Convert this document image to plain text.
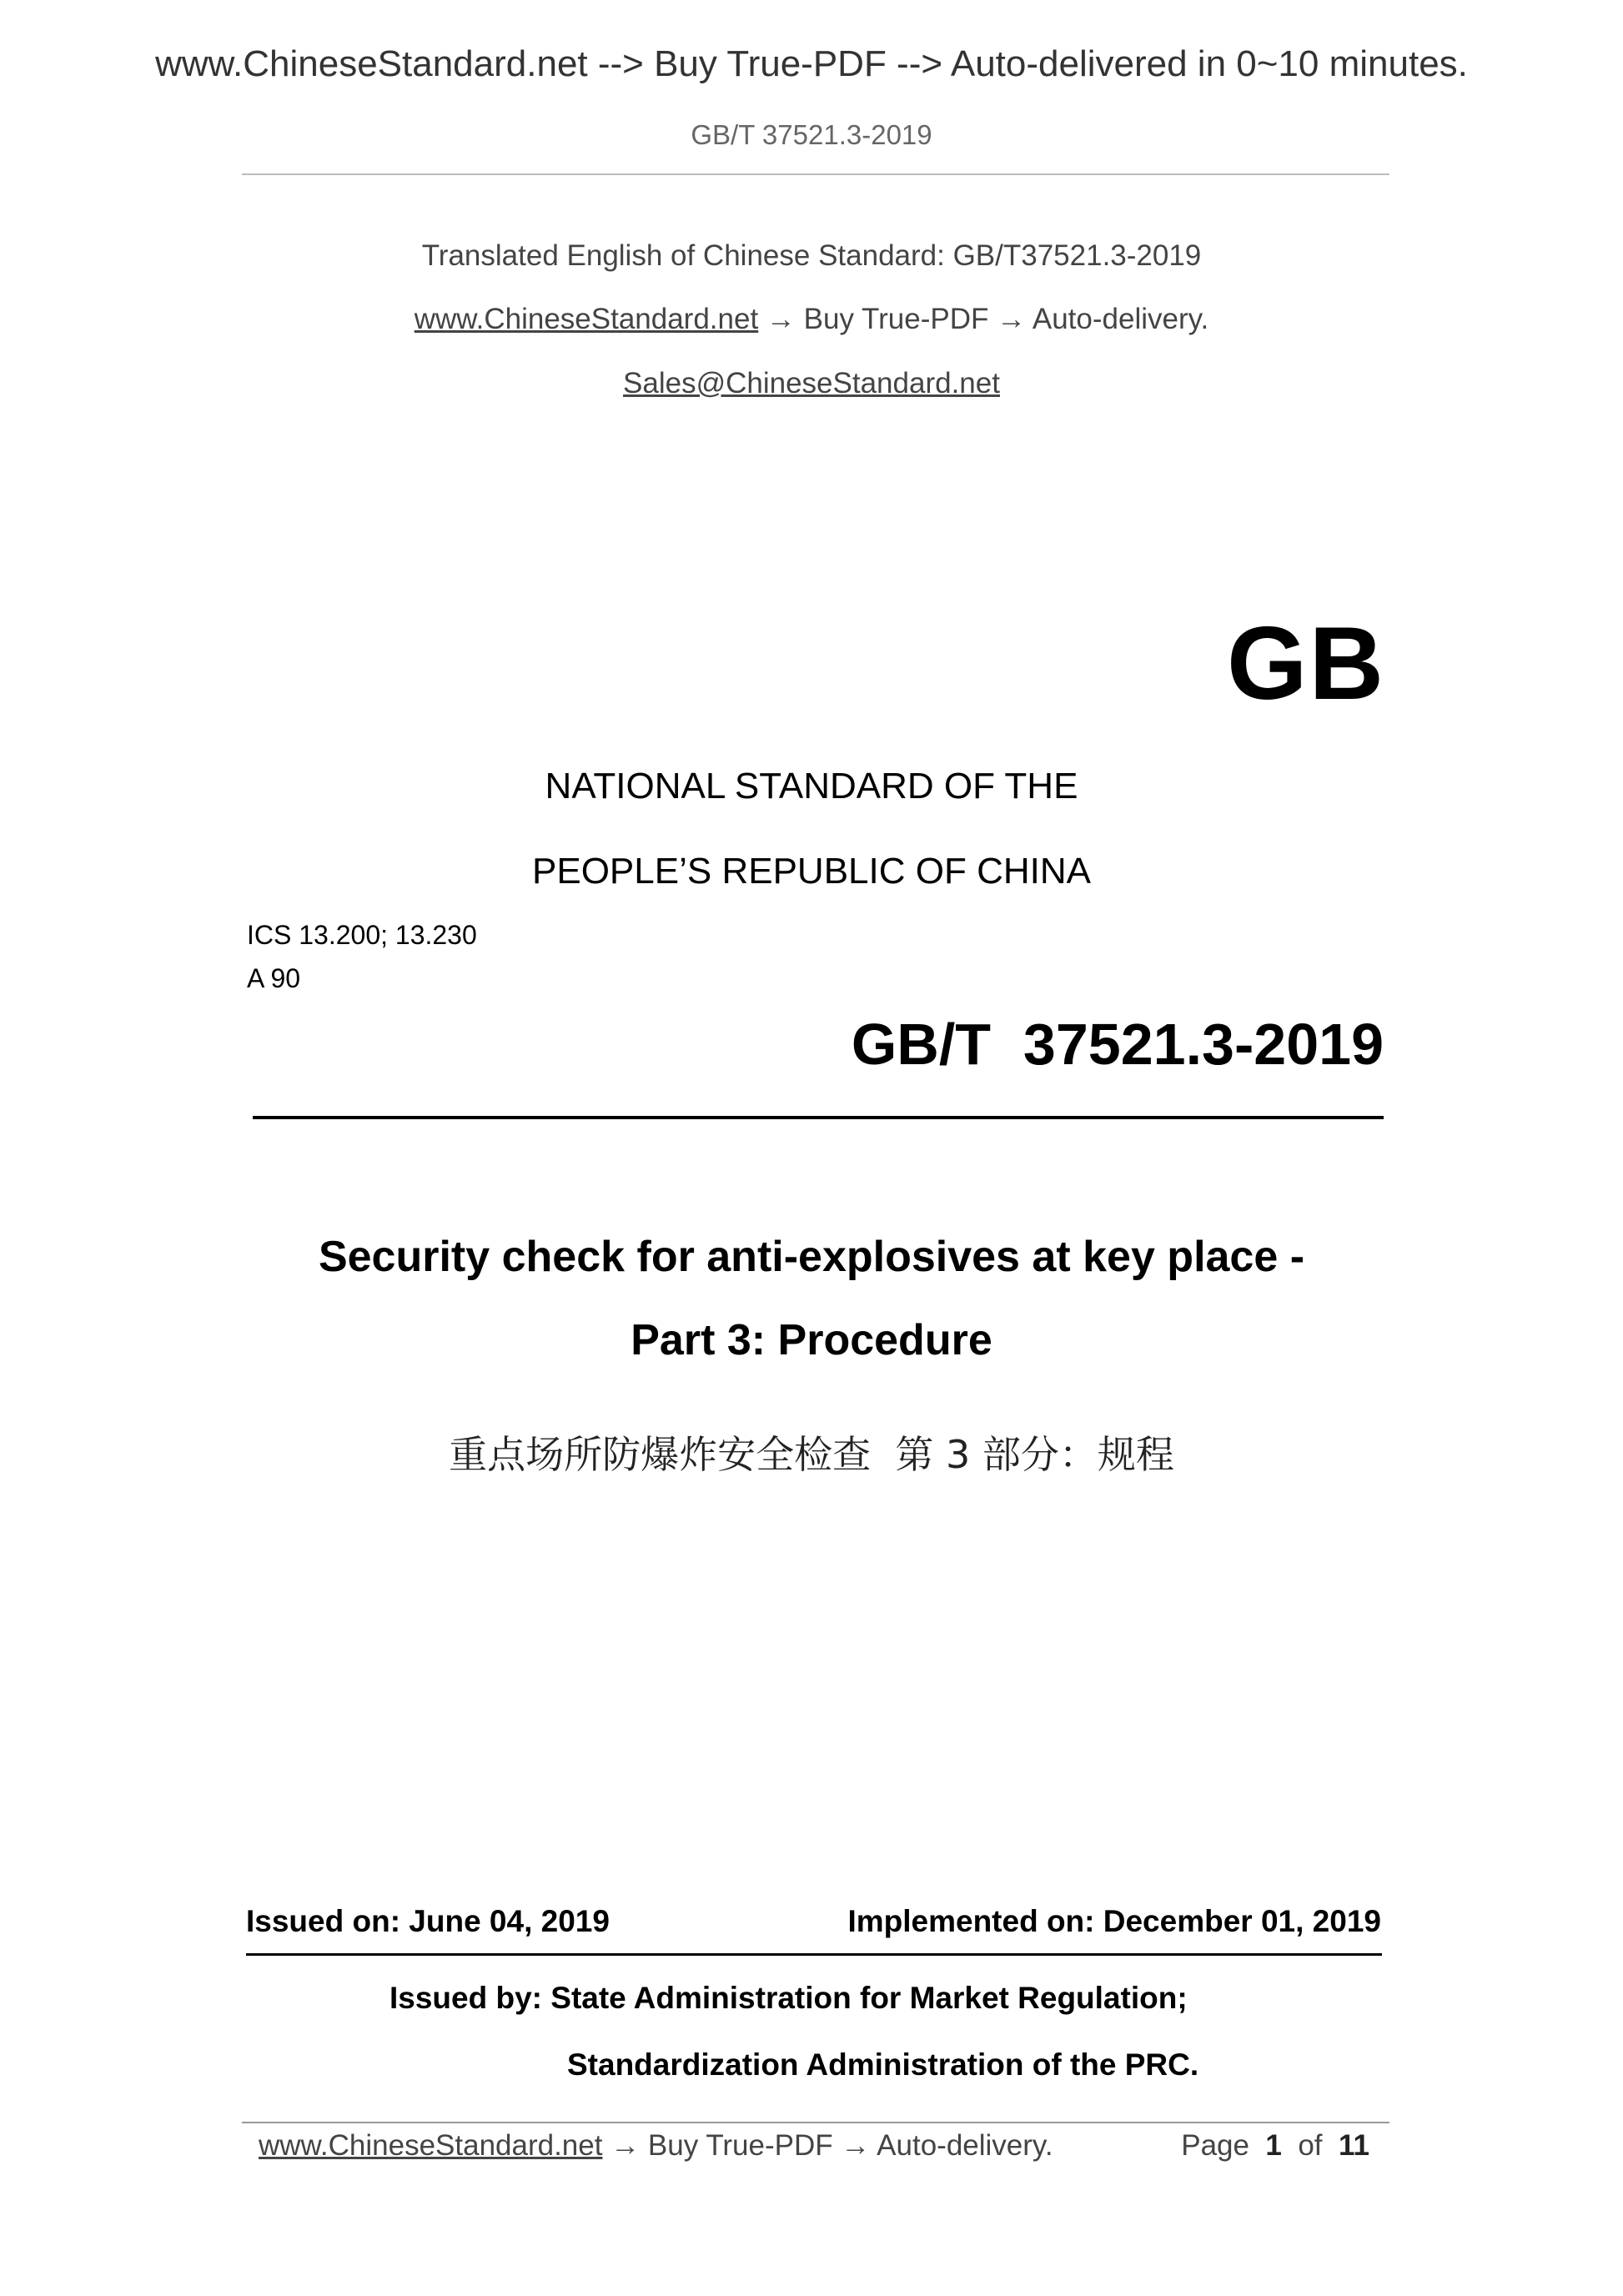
www.ChineseStandard.net --> Buy True-PDF --> Auto-delivered in 0~10 minutes.
GB/T 37521.3-2019
Translated English of Chinese Standard: GB/T37521.3-2019
www.ChineseStandard.net → Buy True-PDF → Auto-delivery.
Sales@ChineseStandard.net
GB
NATIONAL STANDARD OF THE
PEOPLE’S REPUBLIC OF CHINA
ICS 13.200; 13.230
A 90
GB/T  37521.3-2019
Security check for anti-explosives at key place -
Part 3: Procedure
重点场所防爆炸安全检查  第 3 部分：规程
Issued on: June 04, 2019	Implemented on: December 01, 2019
Issued by: State Administration for Market Regulation;
Standardization Administration of the PRC.
www.ChineseStandard.net → Buy True-PDF → Auto-delivery.	Page 1 of 11
